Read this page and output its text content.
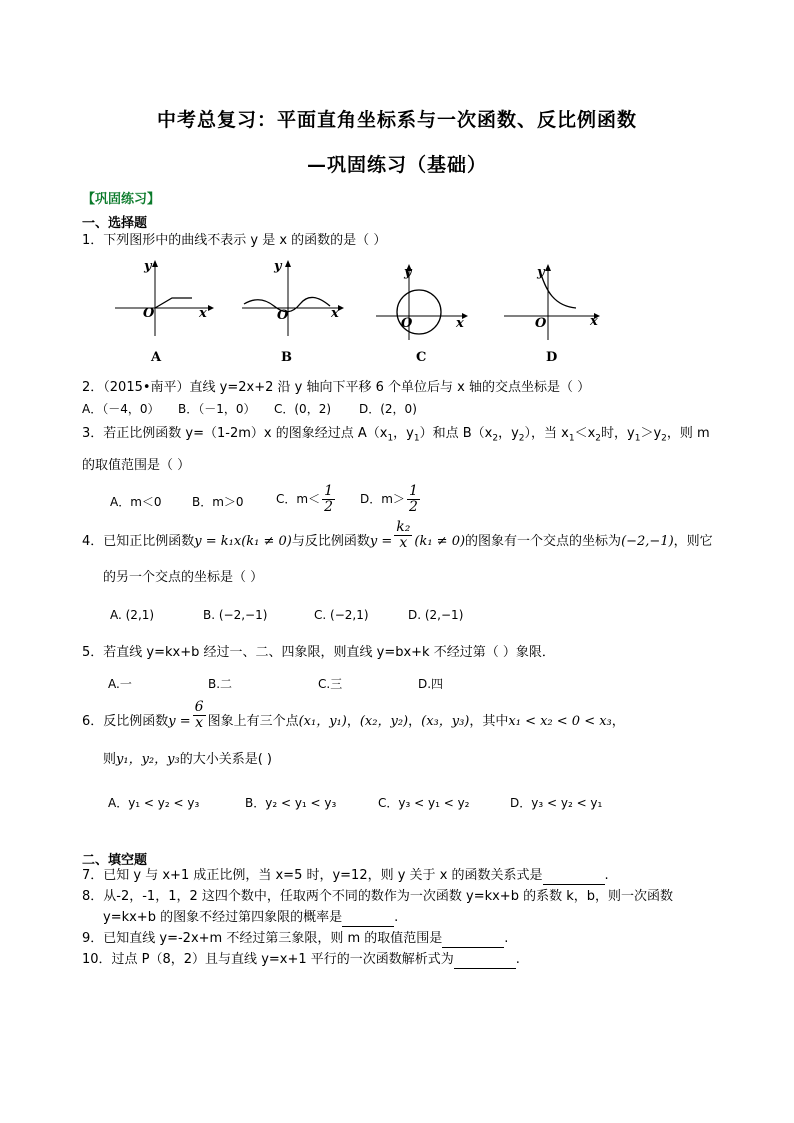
中考总复习：平面直角坐标系与一次函数、反比例函数
—巩固练习（基础）
【巩固练习】
一、选择题
1．下列图形中的曲线不表示 y 是 x 的函数的是（ ）
y
x
O
A
y
x
O
B
y
x
O
C
y
x
O
D
2．（2015•南平）直线 y=2x+2 沿 y 轴向下平移 6 个单位后与 x 轴的交点坐标是（ ）
A．（－4，0） B．（－1，0） C．(0，2) D．(2，0)
3．若正比例函数 y=（1-2m）x 的图象经过点 $A(x_1$，$y_1$）和点 $B(x_2$，$y_2$），当 $x_1<x_2$时，$y_1>y_2$，则 m
的取值范围是（ ）
A．m＜0	B．m＞0	C．$m< \frac{1}{2}$ D．$m> \frac{1}{2}$
4．已知正比例函数y = k₁x(k₁ ≠ 0)与反比例函数$y = \frac{\text{k₂}}{x} (k_1 \ne 0)$的图象有一个交点的坐标为(−2,−1)，则它
的另一个交点的坐标是（ ）
A. (2,1)	B. (−2,−1)	C. (−2,1)	D. (2,−1)
5．若直线 y=kx+b 经过一、二、四象限，则直线 y=bx+k 不经过第（ ）象限．
A.一	B.二	C.三	D.四
6．反比例函数$y = \frac{6}{x}$ 图象上有三个点(x₁，y₁)，(x₂，y₂)，(x₃，y₃)，其中x₁ < x₂ < 0 < x₃，
则y₁，y₂，y₃的大小关系是( )
A．y₁ < y₂ < y₃	B．y₂ < y₁ < y₃	C．y₃ < y₁ < y₂	D．y₃ < y₂ < y₁
二、填空题
7．已知 y 与 x+1 成正比例，当 x=5 时，y=12，则 y 关于 x 的函数关系式是	.
8．从-2，-1，1，2 这四个数中，任取两个不同的数作为一次函数 y=kx+b 的系数 k，b，则一次函数
y=kx+b 的图象不经过第四象限的概率是	.
9．已知直线 y=-2x+m 不经过第三象限，则 m 的取值范围是	.
10．过点 P（8，2）且与直线 y=x+1 平行的一次函数解析式为	.
